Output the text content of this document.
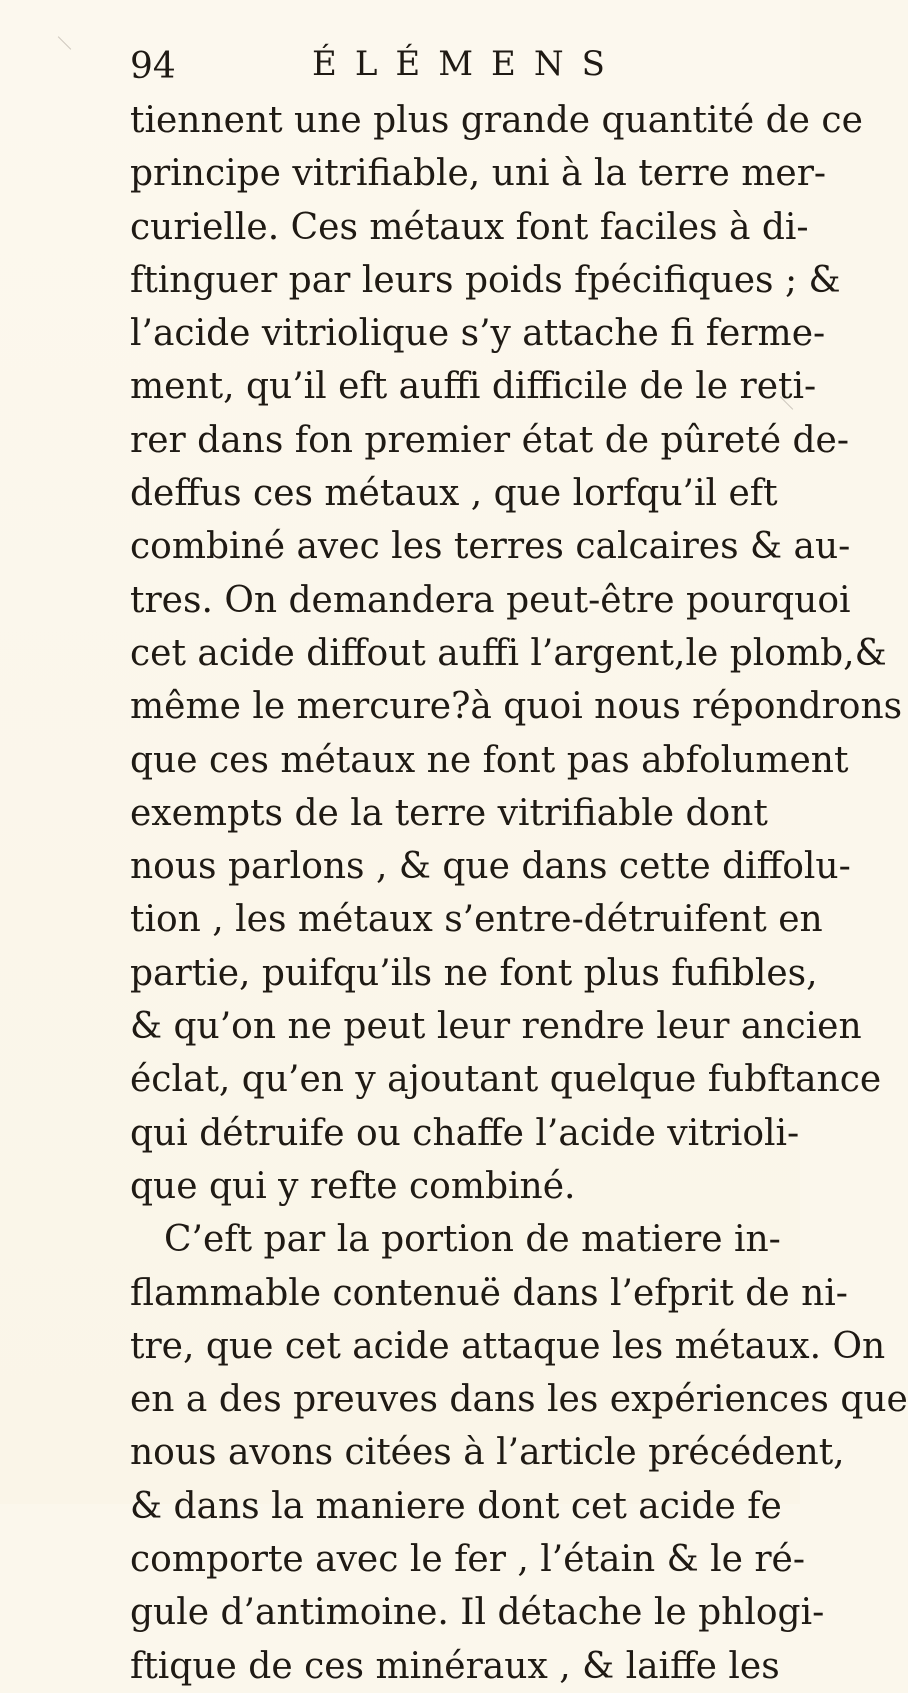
94	ÉLÉMENS
tiennent une plus grande quantité de ce
principe vitrifiable, uni à la terre mer-
curielle. Ces métaux font faciles à di-
ftinguer par leurs poids fpécifiques ; &
l’acide vitriolique s’y attache fi ferme-
ment, qu’il eft auffi difficile de le reti-
rer dans fon premier état de pûreté de-
deffus ces métaux , que lorfqu’il eft
combiné avec les terres calcaires & au-
tres. On demandera peut-être pourquoi
cet acide diffout auffi l’argent,le plomb,&
même le mercure?à quoi nous répondrons
que ces métaux ne font pas abfolument
exempts de la terre vitrifiable dont
nous parlons , & que dans cette diffolu-
tion , les métaux s’entre-détruifent en
partie, puifqu’ils ne font plus fufibles,
& qu’on ne peut leur rendre leur ancien
éclat, qu’en y ajoutant quelque fubftance
qui détruife ou chaffe l’acide vitrioli-
que qui y refte combiné.
C’eft par la portion de matiere in-
flammable contenuë dans l’efprit de ni-
tre, que cet acide attaque les métaux. On
en a des preuves dans les expériences que
nous avons citées à l’article précédent,
& dans la maniere dont cet acide fe
comporte avec le fer , l’étain & le ré-
gule d’antimoine. Il détache le phlogi-
ftique de ces minéraux , & laiffe les
